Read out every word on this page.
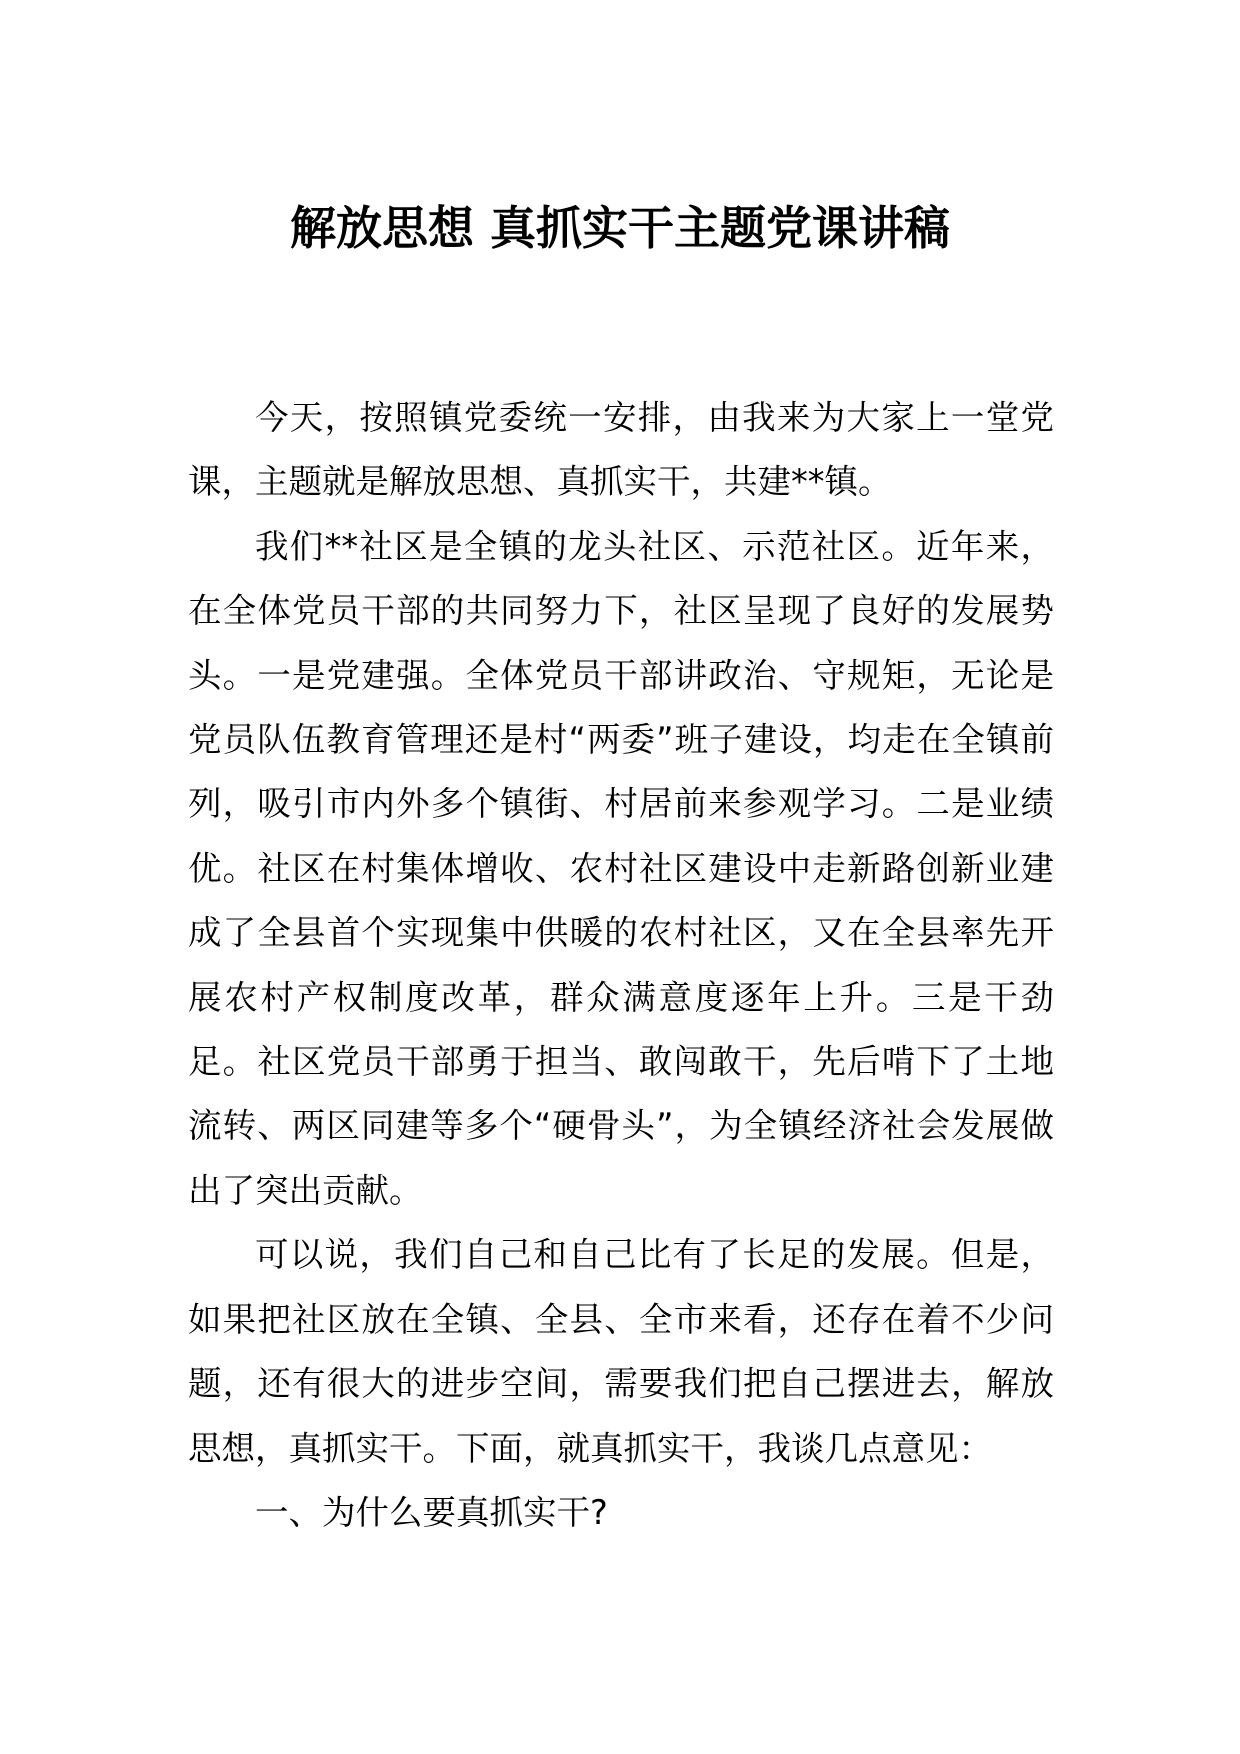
解放思想 真抓实干主题党课讲稿

今天，按照镇党委统一安排，由我来为大家上一堂党课，主题就是解放思想、真抓实干，共建**镇。

我们**社区是全镇的龙头社区、示范社区。近年来，在全体党员干部的共同努力下，社区呈现了良好的发展势头。一是党建强。全体党员干部讲政治、守规矩，无论是党员队伍教育管理还是村“两委”班子建设，均走在全镇前列，吸引市内外多个镇街、村居前来参观学习。二是业绩优。社区在村集体增收、农村社区建设中走新路创新业建成了全县首个实现集中供暖的农村社区，又在全县率先开展农村产权制度改革，群众满意度逐年上升。三是干劲足。社区党员干部勇于担当、敢闯敢干，先后啃下了土地流转、两区同建等多个“硬骨头”，为全镇经济社会发展做出了突出贡献。

可以说，我们自己和自己比有了长足的发展。但是，如果把社区放在全镇、全县、全市来看，还存在着不少问题，还有很大的进步空间，需要我们把自己摆进去，解放思想，真抓实干。下面，就真抓实干，我谈几点意见：

一、为什么要真抓实干?
